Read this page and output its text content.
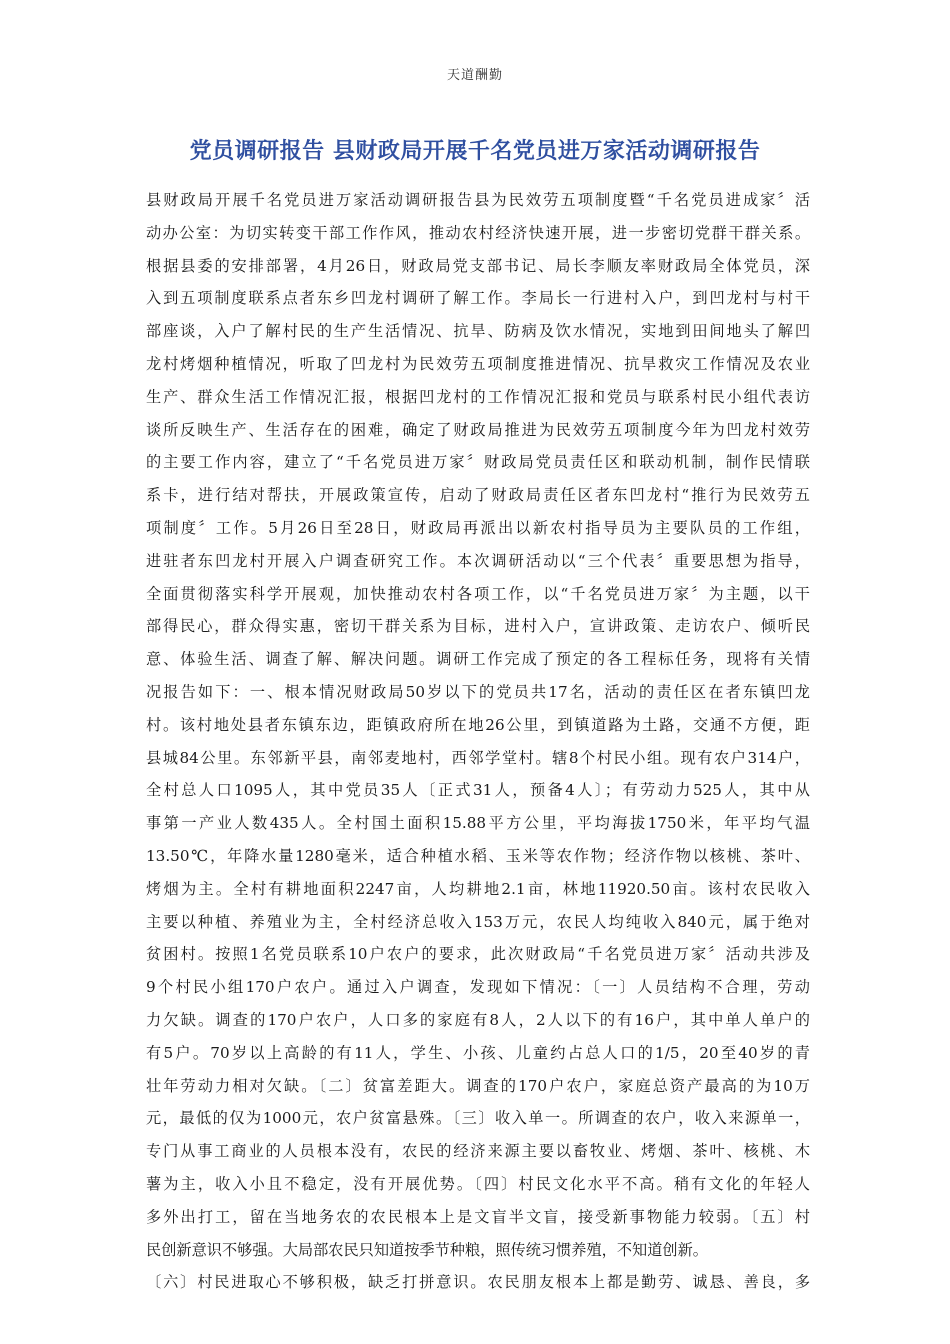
天道酬勤
党员调研报告 县财政局开展千名党员进万家活动调研报告
县财政局开展千名党员进万家活动调研报告县为民效劳五项制度暨“千名党员进成家〞活
动办公室：为切实转变干部工作作风，推动农村经济快速开展，进一步密切党群干群关系。
根据县委的安排部署，4月26日，财政局党支部书记、局长李顺友率财政局全体党员，深
入到五项制度联系点者东乡凹龙村调研了解工作。李局长一行进村入户，到凹龙村与村干
部座谈，入户了解村民的生产生活情况、抗旱、防病及饮水情况，实地到田间地头了解凹
龙村烤烟种植情况，听取了凹龙村为民效劳五项制度推进情况、抗旱救灾工作情况及农业
生产、群众生活工作情况汇报，根据凹龙村的工作情况汇报和党员与联系村民小组代表访
谈所反映生产、生活存在的困难，确定了财政局推进为民效劳五项制度今年为凹龙村效劳
的主要工作内容，建立了“千名党员进万家〞财政局党员责任区和联动机制，制作民情联
系卡，进行结对帮扶，开展政策宣传，启动了财政局责任区者东凹龙村“推行为民效劳五
项制度〞工作。5月26日至28日，财政局再派出以新农村指导员为主要队员的工作组，
进驻者东凹龙村开展入户调查研究工作。本次调研活动以“三个代表〞重要思想为指导，
全面贯彻落实科学开展观，加快推动农村各项工作，以“千名党员进万家〞为主题，以干
部得民心，群众得实惠，密切干群关系为目标，进村入户，宣讲政策、走访农户、倾听民
意、体验生活、调查了解、解决问题。调研工作完成了预定的各工程标任务，现将有关情
况报告如下：一、根本情况财政局50岁以下的党员共17名，活动的责任区在者东镇凹龙
村。该村地处县者东镇东边，距镇政府所在地26公里，到镇道路为土路，交通不方便，距
县城84公里。东邻新平县，南邻麦地村，西邻学堂村。辖8个村民小组。现有农户314户，
全村总人口1095人，其中党员35人〔正式31人，预备4人〕；有劳动力525人，其中从
事第一产业人数435人。全村国土面积15.88平方公里，平均海拔1750米，年平均气温
13.50℃，年降水量1280毫米，适合种植水稻、玉米等农作物；经济作物以核桃、茶叶、
烤烟为主。全村有耕地面积2247亩，人均耕地2.1亩，林地11920.50亩。该村农民收入
主要以种植、养殖业为主，全村经济总收入153万元，农民人均纯收入840元，属于绝对
贫困村。按照1名党员联系10户农户的要求，此次财政局“千名党员进万家〞活动共涉及
9个村民小组170户农户。通过入户调查，发现如下情况：〔一〕人员结构不合理，劳动
力欠缺。调查的170户农户，人口多的家庭有8人，2人以下的有16户，其中单人单户的
有5户。70岁以上高龄的有11人，学生、小孩、儿童约占总人口的1/5，20至40岁的青
壮年劳动力相对欠缺。〔二〕贫富差距大。调查的170户农户，家庭总资产最高的为10万
元，最低的仅为1000元，农户贫富悬殊。〔三〕收入单一。所调查的农户，收入来源单一，
专门从事工商业的人员根本没有，农民的经济来源主要以畜牧业、烤烟、茶叶、核桃、木
薯为主，收入小且不稳定，没有开展优势。〔四〕村民文化水平不高。稍有文化的年轻人
多外出打工，留在当地务农的农民根本上是文盲半文盲，接受新事物能力较弱。〔五〕村
民创新意识不够强。大局部农民只知道按季节种粮，照传统习惯养殖，不知道创新。
〔六〕村民进取心不够积极，缺乏打拼意识。农民朋友根本上都是勤劳、诚恳、善良，多
